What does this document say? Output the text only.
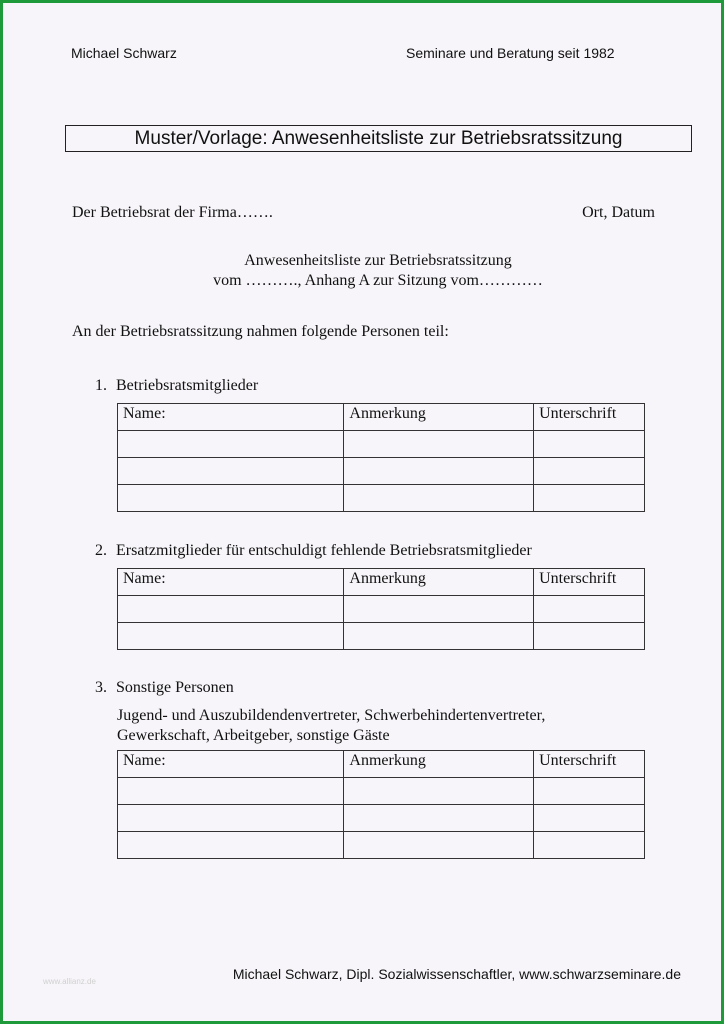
Michael Schwarz	Seminare und Beratung seit 1982
Muster/Vorlage: Anwesenheitsliste zur Betriebsratssitzung
Der Betriebsrat der Firma…….	Ort, Datum
Anwesenheitsliste zur Betriebsratssitzung
vom ………., Anhang A zur Sitzung vom…………
An der Betriebsratssitzung nahmen folgende Personen teil:
1. Betriebsratsmitglieder
Name:	Anmerkung	Unterschrift

2. Ersatzmitglieder für entschuldigt fehlende Betriebsratsmitglieder
Name:	Anmerkung	Unterschrift

3. Sonstige Personen
Jugend- und Auszubildendenvertreter, Schwerbehindertenvertreter,
Gewerkschaft, Arbeitgeber, sonstige Gäste
Name:	Anmerkung	Unterschrift

www.allianz.de	Michael Schwarz, Dipl. Sozialwissenschaftler, www.schwarzseminare.de
